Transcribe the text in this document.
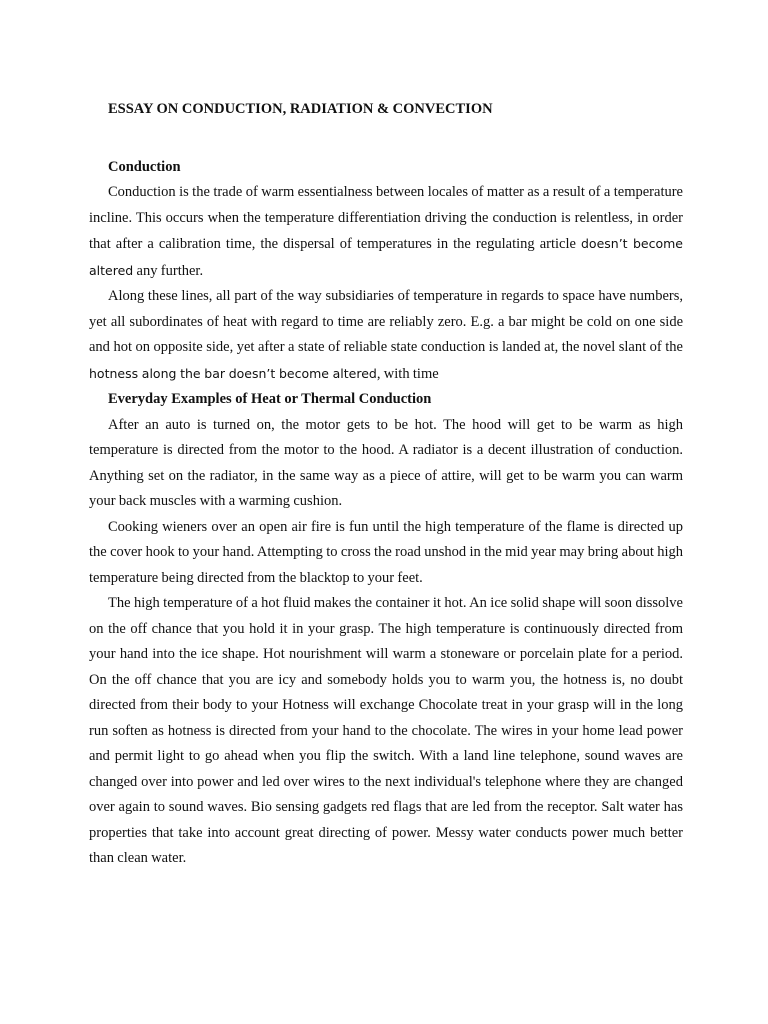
ESSAY ON CONDUCTION, RADIATION & CONVECTION
Conduction

Conduction is the trade of warm essentialness between locales of matter as a result of a temperature incline. This occurs when the temperature differentiation driving the conduction is relentless, in order that after a calibration time, the dispersal of temperatures in the regulating article doesn’t become altered any further.

Along these lines, all part of the way subsidiaries of temperature in regards to space have numbers, yet all subordinates of heat with regard to time are reliably zero. E.g. a bar might be cold on one side and hot on opposite side, yet after a state of reliable state conduction is landed at, the novel slant of the hotness along the bar doesn’t become altered, with time

Everyday Examples of Heat or Thermal Conduction

After an auto is turned on, the motor gets to be hot. The hood will get to be warm as high temperature is directed from the motor to the hood. A radiator is a decent illustration of conduction. Anything set on the radiator, in the same way as a piece of attire, will get to be warm you can warm your back muscles with a warming cushion.

Cooking wieners over an open air fire is fun until the high temperature of the flame is directed up the cover hook to your hand. Attempting to cross the road unshod in the mid year may bring about high temperature being directed from the blacktop to your feet.

The high temperature of a hot fluid makes the container it hot. An ice solid shape will soon dissolve on the off chance that you hold it in your grasp. The high temperature is continuously directed from your hand into the ice shape. Hot nourishment will warm a stoneware or porcelain plate for a period. On the off chance that you are icy and somebody holds you to warm you, the hotness is, no doubt directed from their body to your Hotness will exchange Chocolate treat in your grasp will in the long run soften as hotness is directed from your hand to the chocolate. The wires in your home lead power and permit light to go ahead when you flip the switch. With a land line telephone, sound waves are changed over into power and led over wires to the next individual's telephone where they are changed over again to sound waves. Bio sensing gadgets red flags that are led from the receptor. Salt water has properties that take into account great directing of power. Messy water conducts power much better than clean water.
